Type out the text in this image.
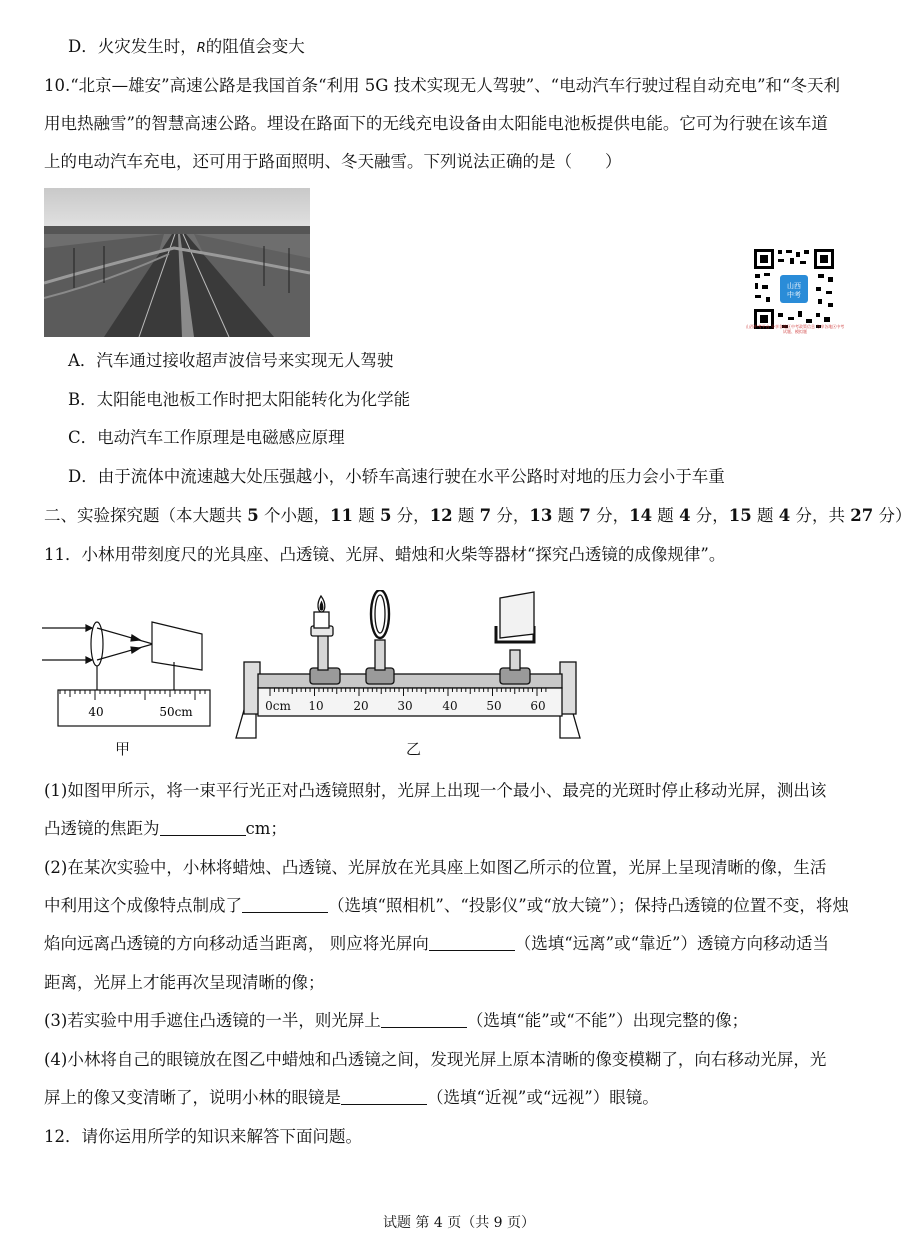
D．火灾发生时，R的阻值会变大
10.“北京—雄安”高速公路是我国首条“利用 5G 技术实现无人驾驶”、“电动汽车行驶过程自动充电”和“冬天利
用电热融雪”的智慧高速公路。埋设在路面下的无线充电设备由太阳能电池板提供电能。它可为行驶在该车道
上的电动汽车充电，还可用于路面照明、冬天融雪。下列说法正确的是（　　）
山西
中考
山西中考平台 分享各地区中考政策信息 分享各地区中考试题、模拟题
A．汽车通过接收超声波信号来实现无人驾驶
B．太阳能电池板工作时把太阳能转化为化学能
C．电动汽车工作原理是电磁感应原理
D．由于流体中流速越大处压强越小，小轿车高速行驶在水平公路时对地的压力会小于车重
二、实验探究题（本大题共 5 个小题，11 题 5 分，12 题 7 分，13 题 7 分，14 题 4 分，15 题 4 分，共 27 分）
11．小林用带刻度尺的光具座、凸透镜、光屏、蜡烛和火柴等器材“探究凸透镜的成像规律”。
40	50cm
甲
0cm 10 20 30 40 50 60
乙
(1)如图甲所示，将一束平行光正对凸透镜照射，光屏上出现一个最小、最亮的光斑时停止移动光屏，测出该
凸透镜的焦距为	cm；
(2)在某次实验中，小林将蜡烛、凸透镜、光屏放在光具座上如图乙所示的位置，光屏上呈现清晰的像，生活
中利用这个成像特点制成了	（选填“照相机”、“投影仪”或“放大镜”）；保持凸透镜的位置不变，将烛
焰向远离凸透镜的方向移动适当距离， 则应将光屏向	（选填“远离”或“靠近”）透镜方向移动适当
距离，光屏上才能再次呈现清晰的像；
(3)若实验中用手遮住凸透镜的一半，则光屏上	（选填“能”或“不能”）出现完整的像；
(4)小林将自己的眼镜放在图乙中蜡烛和凸透镜之间，发现光屏上原本清晰的像变模糊了，向右移动光屏，光
屏上的像又变清晰了，说明小林的眼镜是	（选填“近视”或“远视”）眼镜。
12．请你运用所学的知识来解答下面问题。
试题 第 4 页（共 9 页）
